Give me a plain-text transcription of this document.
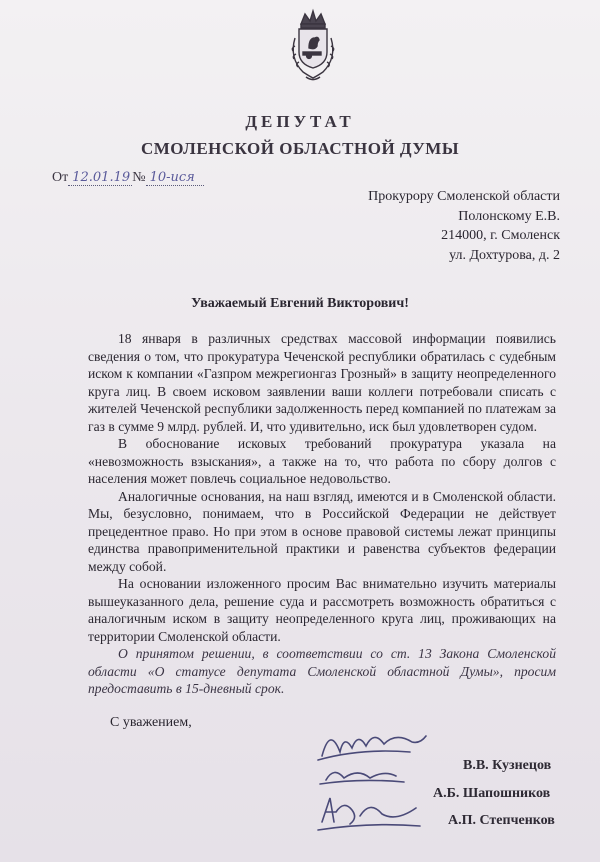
ДЕПУТАТ
СМОЛЕНСКОЙ ОБЛАСТНОЙ ДУМЫ
От 12.01.19 № 10-ися
Прокурору Смоленской области
Полонскому Е.В.
214000, г. Смоленск
ул. Дохтурова, д. 2
Уважаемый Евгений Викторович!

18 января в различных средствах массовой информации появились сведения о том, что прокуратура Чеченской республики обратилась с судебным иском к компании «Газпром межрегионгаз Грозный» в защиту неопределенного круга лиц. В своем исковом заявлении ваши коллеги потребовали списать с жителей Чеченской республики задолженность перед компанией по платежам за газ в сумме 9 млрд. рублей. И, что удивительно, иск был удовлетворен судом.

В обоснование исковых требований прокуратура указала на «невозможность взыскания», а также на то, что работа по сбору долгов с населения может повлечь социальное недовольство.

Аналогичные основания, на наш взгляд, имеются и в Смоленской области. Мы, безусловно, понимаем, что в Российской Федерации не действует прецедентное право. Но при этом в основе правовой системы лежат принципы единства правоприменительной практики и равенства субъектов федерации между собой.

На основании изложенного просим Вас внимательно изучить материалы вышеуказанного дела, решение суда и рассмотреть возможность обратиться с аналогичным иском в защиту неопределенного круга лиц, проживающих на территории Смоленской области.

О принятом решении, в соответствии со ст. 13 Закона Смоленской области «О статусе депутата Смоленской областной Думы», просим предоставить в 15-дневный срок.

С уважением,
В.В. Кузнецов
А.Б. Шапошников
А.П. Степченков
